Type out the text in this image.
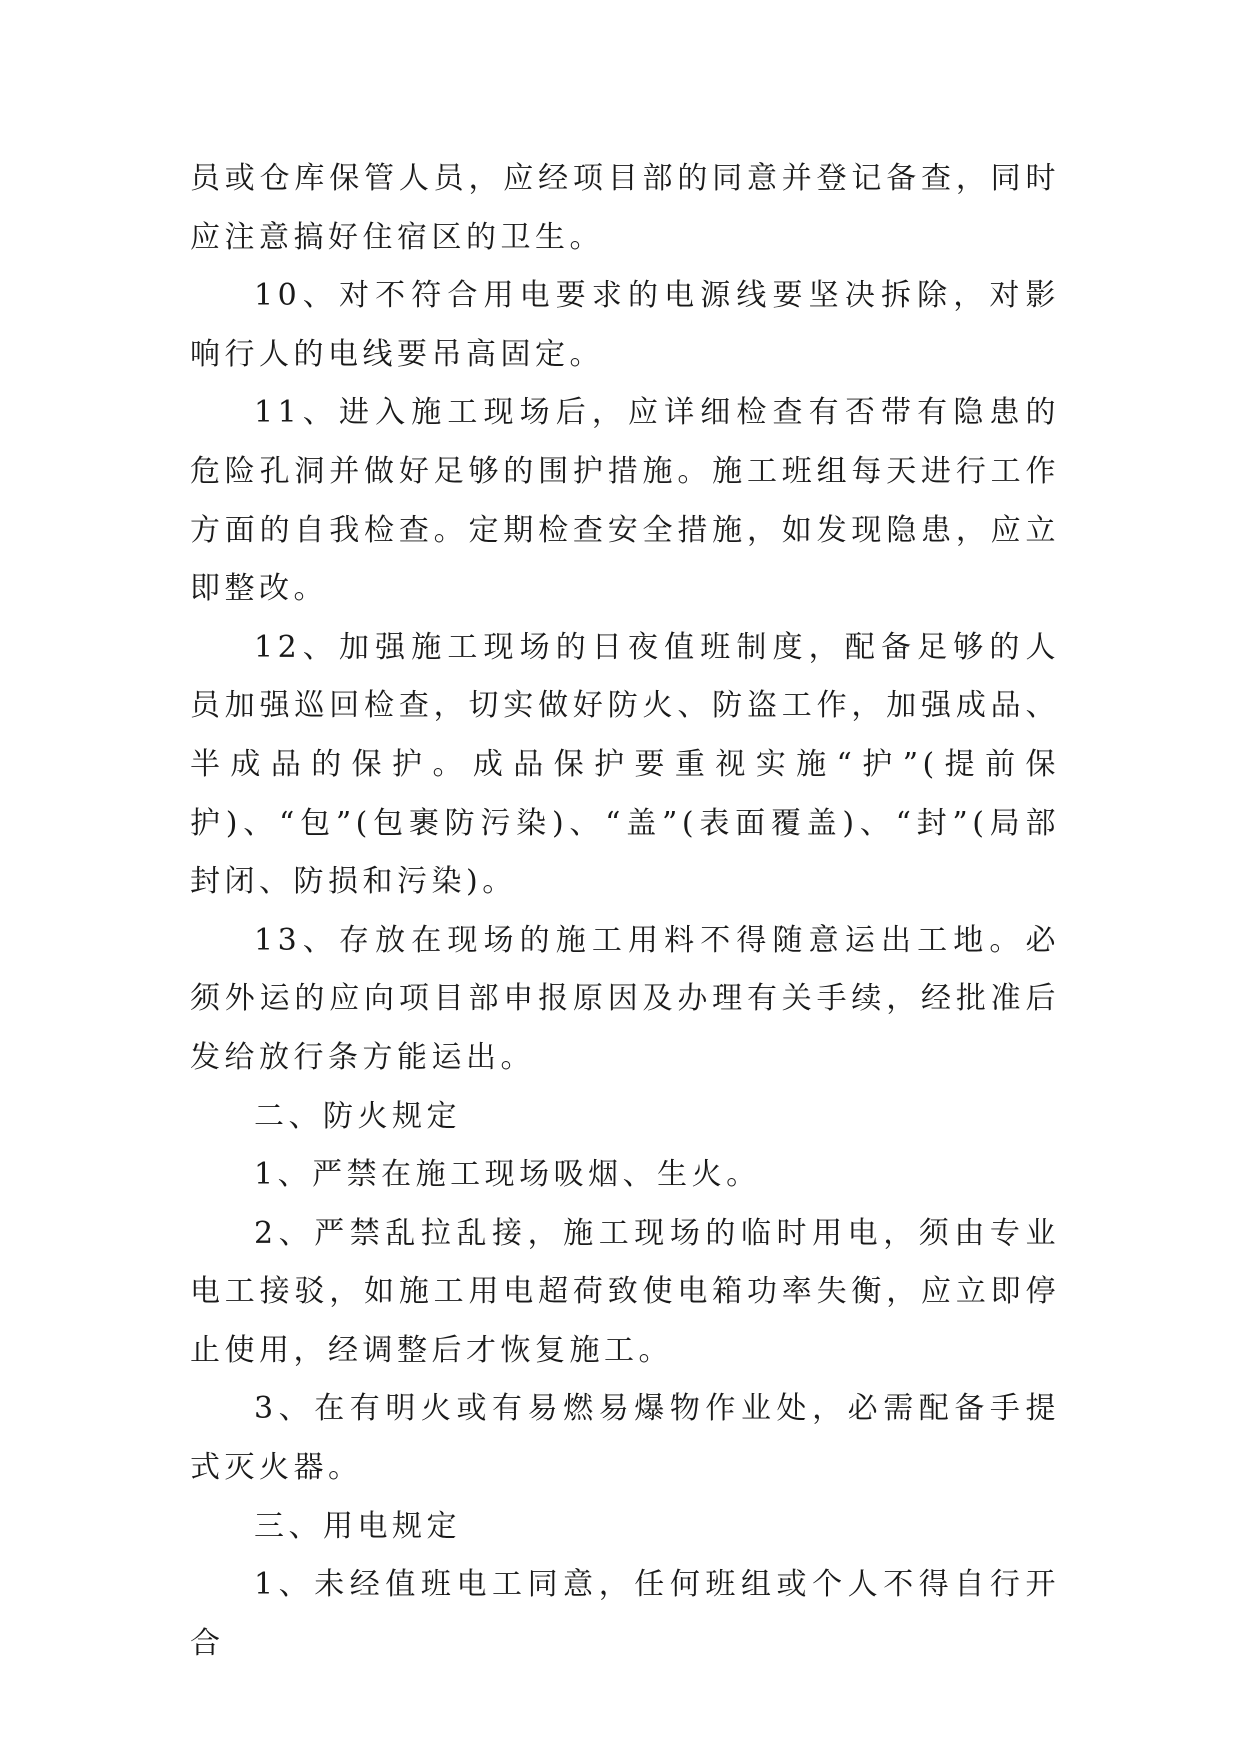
员或仓库保管人员，应经项目部的同意并登记备查，同时应注意搞好住宿区的卫生。

10、对不符合用电要求的电源线要坚决拆除，对影响行人的电线要吊高固定。

11、进入施工现场后，应详细检查有否带有隐患的危险孔洞并做好足够的围护措施。施工班组每天进行工作方面的自我检查。定期检查安全措施，如发现隐患，应立即整改。

12、加强施工现场的日夜值班制度，配备足够的人员加强巡回检查，切实做好防火、防盗工作，加强成品、半成品的保护。成品保护要重视实施“护”(提前保护)、“包”(包裹防污染)、“盖”(表面覆盖)、“封”(局部封闭、防损和污染)。

13、存放在现场的施工用料不得随意运出工地。必须外运的应向项目部申报原因及办理有关手续，经批准后发给放行条方能运出。

二、防火规定

1、严禁在施工现场吸烟、生火。

2、严禁乱拉乱接，施工现场的临时用电，须由专业电工接驳，如施工用电超荷致使电箱功率失衡，应立即停止使用，经调整后才恢复施工。

3、在有明火或有易燃易爆物作业处，必需配备手提式灭火器。

三、用电规定

1、未经值班电工同意，任何班组或个人不得自行开合
